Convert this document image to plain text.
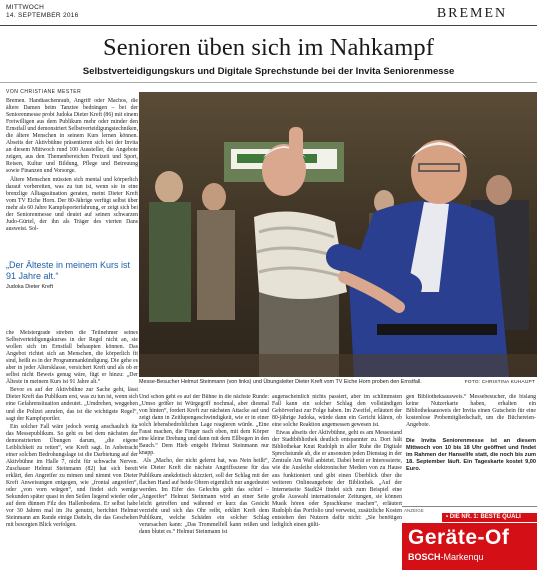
MITTWOCH
14. SEPTEMBER 2016	BREMEN
Senioren üben sich im Nahkampf
Selbstverteidigungskurs und Digitale Sprechstunde bei der Invita Seniorenmesse
VON CHRISTIANE MESTER

Bremen. Handtaschenraub, Angriff oder Machos, die ältere Damen beim Tanztee bedrängen – bei der Seniorenmesse probt Judoka Dieter Kreft (86) mit einem Freiwilligen aus dem Publikum mehr oder minder den Ernstfall und demonstriert Selbstverteidigungstechniken, die ältere Menschen in seinem Kurs lernen können. Abseits der Aktivbühne präsentieren sich bei der Invita an diesem Mittwoch rund 100 Aussteller, die Angebote zeigen, aus den Themenbereichen Freizeit und Sport, Reisen, Kultur und Bildung, Pflege und Betreuung sowie Finanzen und Vorsorge.

Ältere Menschen müssten sich mental und körperlich darauf vorbereiten, was zu tun ist, wenn sie in eine brenzlige Alltagssituation geraten, meint Dieter Kreft vom TV Eiche Horn. Der 80-Jährige verfügt selbst über mehr als 60 Jahre Kampfsporterfahrung, er zeigt sich bei der Seniorenmesse und deutet auf seinen schwarzen Judo-Gürtel, der ihn als Träger des vierten Dans ausweist. Sol-

„Der Älteste in meinem Kurs ist 91 Jahre alt.“
Judoka Dieter Kreft

che Meistergrade streben die Teilnehmer seines Selbstverteidigungskurses in der Regel nicht an, sie wollen sich im Ernstfall behaupten können. Das Angebot richtet sich an Menschen, die körperlich fit sind, heißt es in der Programmankündigung. Die gehe es aber in jeder Altersklasse, versichert Kreft und als ob er selbst nicht Beweis genug wäre, fügt er hinzu: „Der Älteste in meinem Kurs ist 91 Jahre alt.“

Bevor es auf der Aktivbühne zur Sache geht, lässt Dieter Kreft das Publikum erst, was zu tun ist, wenn sich eine Gefahrensituation andeutet. „Umdrehen, weggehen und die Polizei anrufen, das ist die wichtigste Regel“, sagt der Kampfsportler.

Ein solcher Fall wäre jedoch wenig anschaulich für das Messepublikum. So geht es bei dem nächsten der demonstrierten Übungen darum, „die eigene Leiblichkeit zu retten“, wie Kreft sagt. In Anbetracht einer solchen Bedrohungslage ist die Darbietung auf der Aktivbühne im Halle 7, nicht für schwache Nerven. Zuschauer Helmut Steinmann (82) hat sich bereit erklärt, den Angreifer zu mimen und nimmt von Dieter Kreft Anweisungen entgegen, wie „frontal angreifen“, oder „von vorn würgen“, und findet sich wenige Sekunden später quasi in den Seilen liegend wieder oder auf dem dünnen Filz des Hallenbodens. Er selbst habe vor 30 Jahren mal im Jiu genutzt, berichtet Helmut Steinmann am Rande einige Datteln, die das Geschehen mit besorgten Blick verfolgen.

Messe-Besucher Helmut Steinmann (von links) und Übungsleiter Dieter Kreft vom TV Eiche Horn proben den Ernstfall.	FOTO: CHRISTINA KUHAUPT

Und schon geht es auf der Bühne in die nächste Runde: „Umso größer ist Würgegriff nochmal, aber diesmal von hinten“, fordert Kreft zur nächsten Attacke auf und zeigt dann in Zeitlupengeschwindigkeit, wie er in einer solch lebensbedrohlichen Lage reagieren würde. „Eine Faust machen, die Finger nach oben, mit dem Körper eine kleine Drehung und dann mit dem Ellbogen in den Bauch.“ Dem Hieb entgeht Helmut Steinmann nur knapp.

Als „Macho, der nicht gelernt hat, was Nein heißt“, wie Dieter Kreft die nächste Angriffsszene für das Publikum anekdotisch skizziert, soll der Schlag mit der flachen Hand auf beide Ohren eigentlich nur angedeutet werden. Im Eifer des Gefechts geht das schief – „Angeeifer“ Helmut Steinmann wird an einer Seite leicht getroffen und während er kurz das Gesicht verzieht und sich das Ohr reibt, erklärt Kreft dem Publikum, welche Schäden ein solcher Schlag verursachen kann: „Das Trommelfell kann reißen und dann blutet es.“ Helmut Steinmann ist

augenscheinlich nichts passiert, aber im schlimmsten Fall kann ein solcher Schlag den vollständigen Gehörverlust zur Folge haben. Im Zweifel, erläutert der 80-jährige Judoka, würde dann ein Gericht klären, ob eine solche Reaktion angemessen gewesen ist.

Etwas abseits der Aktivbühne, geht es am Messestand der Stadtbibliothek deutlich entspannter zu. Dort hält Bibliothekar Knut Rudolph in aller Ruhe die Digitale Sprechstunde ab, die er ansonsten jeden Dienstag in der Zentrale Am Wall anbietet. Dabei berät er Interessierte, wie die Ausleihe elektronischer Medien von zu Hause aus funktioniert und gibt einen Überblick über die weiteren Onlineangebote der Bibliothek. „Auf der Internetseite Stadt24 findet sich zum Beispiel eine große Auswahl internationaler Zeitungen, sie können Musik hören oder Sprachkurse machen“, erläutert Rudolph das Portfolio und verweist, zusätzliche Kosten entstehen den Nutzern dafür nicht: „Sie benötigen lediglich einen gülti-

gen Bibliotheksausweis.“ Messebesucher, die bislang keine Nutzerkarte haben, erhalten ein Bibliotheksausweis der Invita einen Gutschein für eine kostenlose Probemitgliedschaft, um die Büchereien-Angebote.

Die Invita Seniorenmesse ist an diesem Mittwoch von 10 bis 18 Uhr geöffnet und findet im Rahmen der Hanselife statt, die noch bis zum 18. September läuft. Ein Tageskarte kostet 9,00 Euro.
ANZEIGE
• DIE NR. 1: BESTE QUALI
Geräte-Of
BOSCH-Markenqu
